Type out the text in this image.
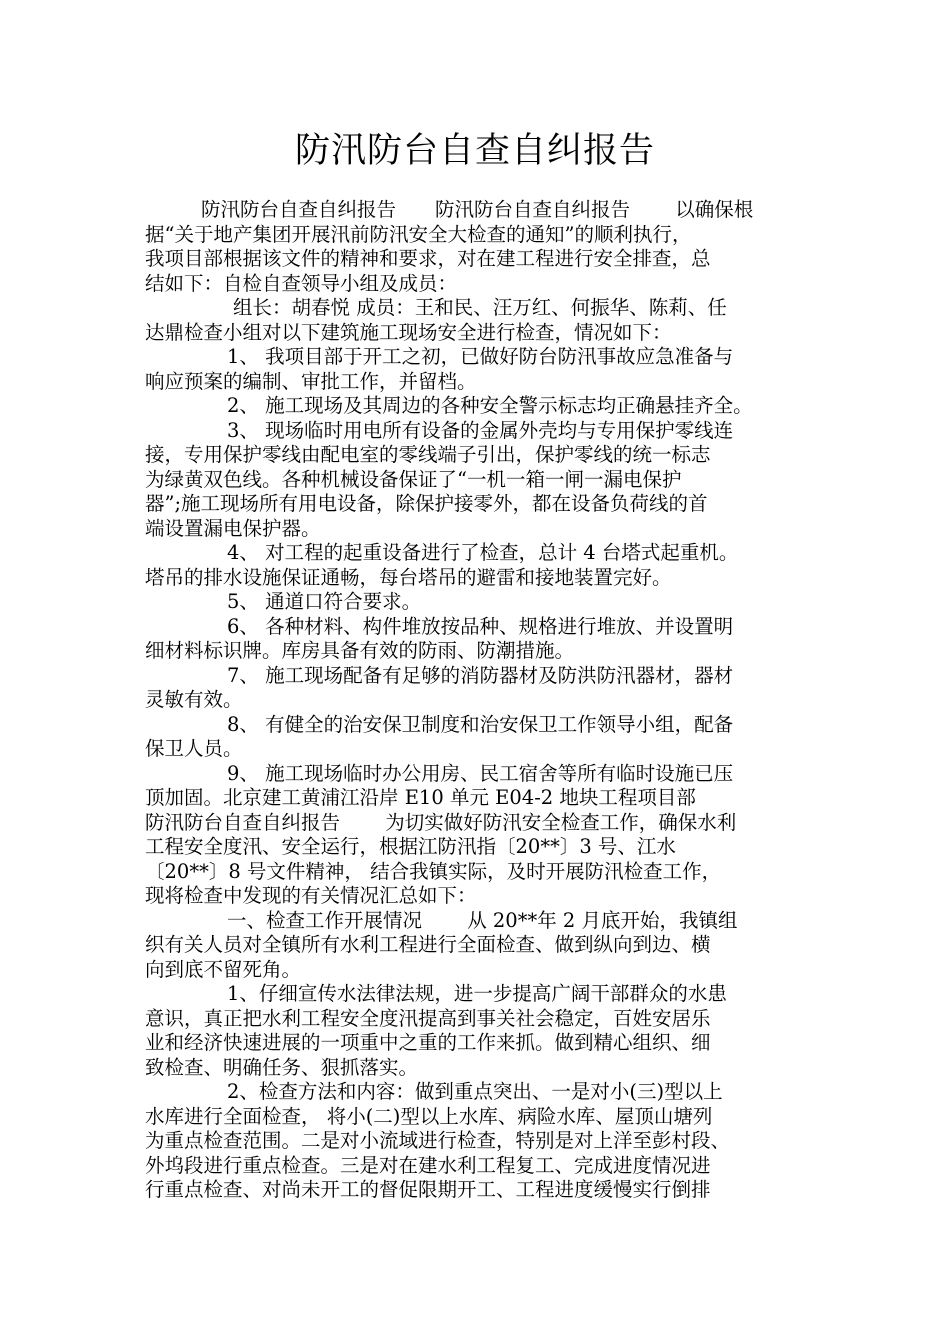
防汛防台自查自纠报告
防汛防台自查自纠报告　　防汛防台自查自纠报告　　 以确保根
据“关于地产集团开展汛前防汛安全大检查的通知”的顺利执行，
我项目部根据该文件的精神和要求，对在建工程进行安全排查，总
结如下：自检自查领导小组及成员：
组长：胡春悦 成员：王和民、汪万红、何振华、陈莉、任
达鼎检查小组对以下建筑施工现场安全进行检查，情况如下：
1、 我项目部于开工之初，已做好防台防汛事故应急准备与
响应预案的编制、审批工作，并留档。
2、 施工现场及其周边的各种安全警示标志均正确悬挂齐全。
3、 现场临时用电所有设备的金属外壳均与专用保护零线连
接，专用保护零线由配电室的零线端子引出，保护零线的统一标志
为绿黄双色线。各种机械设备保证了“一机一箱一闸一漏电保护
器”;施工现场所有用电设备，除保护接零外，都在设备负荷线的首
端设置漏电保护器。
4、 对工程的起重设备进行了检查，总计 4 台塔式起重机。
塔吊的排水设施保证通畅，每台塔吊的避雷和接地装置完好。
5、 通道口符合要求。
6、 各种材料、构件堆放按品种、规格进行堆放、并设置明
细材料标识牌。库房具备有效的防雨、防潮措施。
7、 施工现场配备有足够的消防器材及防洪防汛器材，器材
灵敏有效。
8、 有健全的治安保卫制度和治安保卫工作领导小组，配备
保卫人员。
9、 施工现场临时办公用房、民工宿舍等所有临时设施已压
顶加固。北京建工黄浦江沿岸 E10 单元 E04-2 地块工程项目部
防汛防台自查自纠报告　　 为切实做好防汛安全检查工作，确保水利
工程安全度汛、安全运行，根据江防汛指〔20**〕3 号、江水
〔20**〕8 号文件精神， 结合我镇实际，及时开展防汛检查工作，
现将检查中发现的有关情况汇总如下：
一、检查工作开展情况　　 从 20**年 2 月底开始，我镇组
织有关人员对全镇所有水利工程进行全面检查、做到纵向到边、横
向到底不留死角。
1、仔细宣传水法律法规，进一步提高广阔干部群众的水患
意识，真正把水利工程安全度汛提高到事关社会稳定，百姓安居乐
业和经济快速进展的一项重中之重的工作来抓。做到精心组织、细
致检查、明确任务、狠抓落实。
2、检查方法和内容：做到重点突出、一是对小(三)型以上
水库进行全面检查， 将小(二)型以上水库、病险水库、屋顶山塘列
为重点检查范围。二是对小流域进行检查，特别是对上洋至彭村段、
外坞段进行重点检查。三是对在建水利工程复工、完成进度情况进
行重点检查、对尚未开工的督促限期开工、工程进度缓慢实行倒排
